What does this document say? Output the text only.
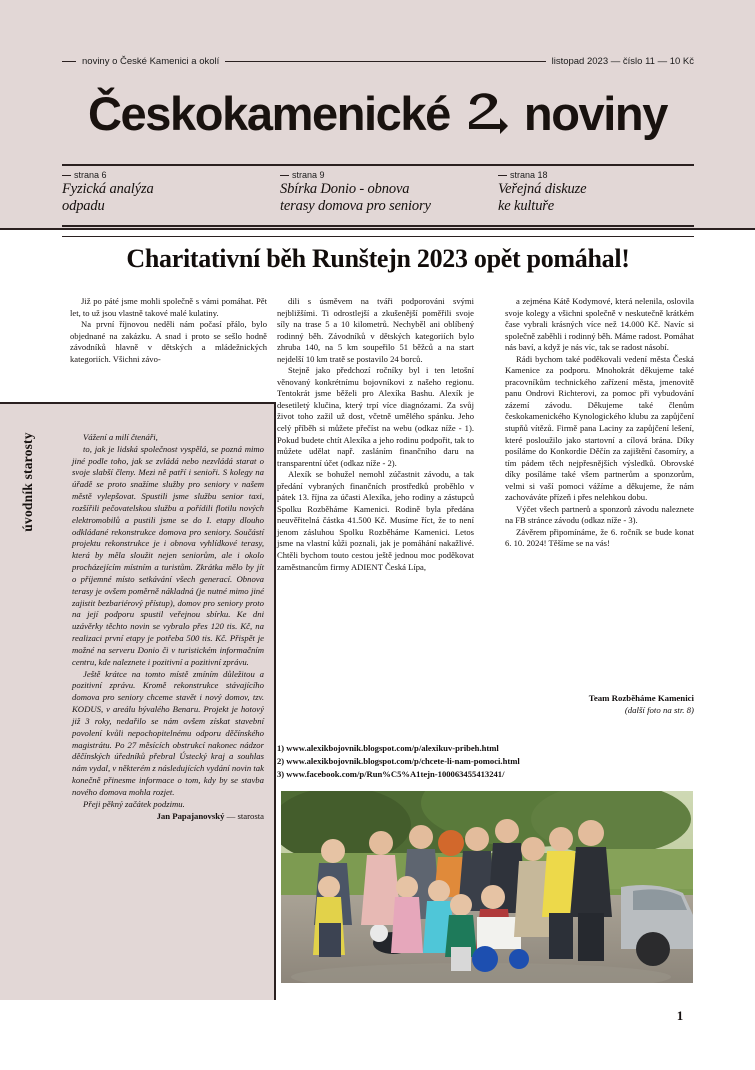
noviny o České Kamenici a okolí	listopad 2023 — číslo 11 — 10 Kč
Českokamenické noviny
strana 6
Fyzická analýza
odpadu
strana 9
Sbírka Donio - obnova
terasy domova pro seniory
strana 18
Veřejná diskuze
ke kultuře
Charitativní běh Runštejn 2023 opět pomáhal!

Již po páté jsme mohli společně s vámi pomáhat. Pět let, to už jsou vlastně takové malé kulatiny.

Na první říjnovou neděli nám počasí přálo, bylo objednané na zakázku. A snad i proto se sešlo hodně závodníků hlavně v dětských a mládežnických kategoriích. Všichni závo-

dili s úsměvem na tváři podporováni svými nejbližšími. Ti odrostlejší a zkušenější poměřili svoje síly na trase 5 a 10 kilometrů. Nechyběl ani oblíbený rodinný běh. Závodníků v dětských kategoriích bylo zhruba 140, na 5 km soupeřilo 51 běžců a na start nejdelší 10 km tratě se postavilo 24 borců.

Stejně jako předchozí ročníky byl i ten letošní věnovaný konkrétnímu bojovníkovi z našeho regionu. Tentokrát jsme běželi pro Alexíka Bashu. Alexík je desetiletý klučina, který trpí více diagnózami. Za svůj život toho zažil už dost, včetně umělého spánku. Jeho celý příběh si můžete přečíst na webu (odkaz níže - 1). Pokud budete chtít Alexíka a jeho rodinu podpořit, tak to můžete udělat např. zasláním finančního daru na transparentní účet (odkaz níže - 2).

Alexík se bohužel nemohl zúčastnit závodu, a tak předání vybraných finančních prostředků proběhlo v pátek 13. října za účasti Alexíka, jeho rodiny a zástupců Spolku Rozběháme Kamenici. Rodině byla předána neuvěřitelná částka 41.500 Kč. Musíme říct, že to není jenom zásluhou Spolku Rozběháme Kamenici. Letos jsme na vlastní kůži poznali, jak je pomáhání nakažlivé. Chtěli bychom touto cestou ještě jednou moc poděkovat zaměstnancům firmy ADIENT Česká Lípa,

a zejména Kátě Kodymové, která nelenila, oslovila svoje kolegy a všichni společně v neskutečně krátkém čase vybrali krásných více než 14.000 Kč. Navíc si společně zaběhli i rodinný běh. Máme radost. Pomáhat nás baví, a když je nás víc, tak se radost násobí.

Rádi bychom také poděkovali vedení města Česká Kamenice za podporu. Mnohokrát děkujeme také pracovníkům technického zařízení města, jmenovitě panu Ondrovi Richterovi, za pomoc při vybudování zázemí závodu. Děkujeme také členům českokamenického Kynologického klubu za zapůjčení stupňů vítězů. Firmě pana Laciny za zapůjčení lešení, které posloužilo jako startovní a cílová brána. Díky posíláme do Konkordie Děčín za zajištění časomíry, a tím pádem těch nejpřesnějších výsledků. Obrovské díky posíláme také všem partnerům a sponzorům, velmi si vaší pomoci vážíme a děkujeme, že nám zachováváte přízeň i přes nelehkou dobu.

Výčet všech partnerů a sponzorů závodu naleznete na FB stránce závodu (odkaz níže - 3).

Závěrem připomínáme, že 6. ročník se bude konat 6. 10. 2024! Těšíme se na vás!

Team Rozběháme Kamenici
(další foto na str. 8)
úvodník starosty	Vážení a milí čtenáři,

to, jak je lidská společnost vyspělá, se pozná mimo jiné podle toho, jak se zvládá nebo nezvládá starat o svoje slabší členy. Mezi ně patří i senioři. S kolegy na úřadě se proto snažíme služby pro seniory v našem městě vylepšovat. Spustili jsme službu senior taxi, rozšířili pečovatelskou službu a pořídili flotilu nových elektromobilů a pustili jsme se do I. etapy dlouho odkládané rekonstrukce domova pro seniory. Součástí projektu rekonstrukce je i obnova vyhlídkové terasy, která by měla sloužit nejen seniorům, ale i okolo procházejícím místním a turistům. Zkrátka mělo by jít o příjemné místo setkávání všech generací. Obnova terasy je ovšem poměrně nákladná (je nutné mimo jiné zajistit bezbariérový přístup), domov pro seniory proto na její podporu spustil veřejnou sbírku. Ke dni uzávěrky těchto novin se vybralo přes 120 tis. Kč, na realizaci první etapy je potřeba 500 tis. Kč. Přispět je možné na serveru Donio či v turistickém informačním centru, kde naleznete i pozitivní a pozitivní zprávu.

Ještě krátce na tomto místě zmíním důležitou a pozitivní zprávu. Kromě rekonstrukce stávajícího domova pro seniory chceme stavět i nový domov, tzv. KODUS, v areálu bývalého Benaru. Projekt je hotový již 3 roky, nedařilo se nám ovšem získat stavební povolení kvůli nepochopitelnému odporu děčínského magistrátu. Po 27 měsících obstrukcí nakonec nádzor děčínských úředníků přebral Ústecký kraj a souhlas nám vydal, v některém z následujících vydání novin tak konečně přinesme informace o tom, kdy by se stavba nového domova mohla rozjet.

Přeji pěkný začátek podzimu.

Jan Papajanovský — starosta

1) www.alexikbojovnik.blogspot.com/p/alexikuv-pribeh.html
2) www.alexikbojovnik.blogspot.com/p/chcete-li-nam-pomoci.html
3) www.facebook.com/p/Run%C5%A1tejn-100063455413241/
1
